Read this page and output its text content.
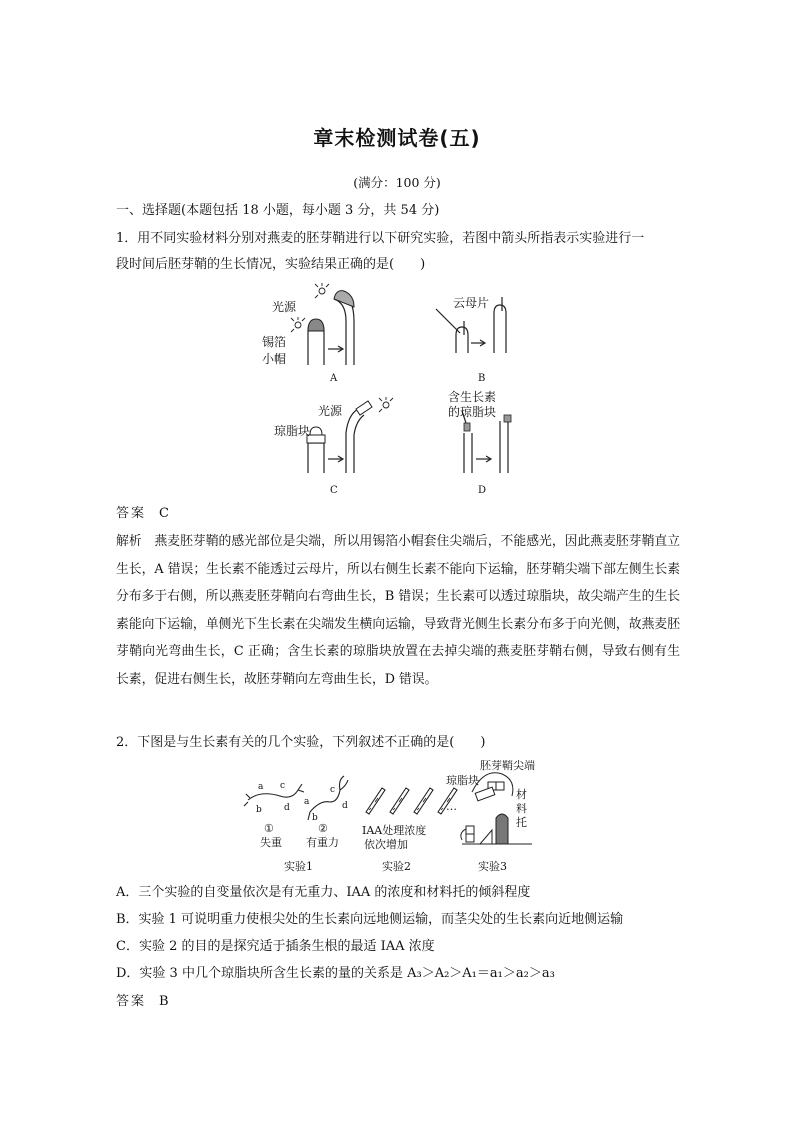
章末检测试卷(五)
(满分：100 分)
一、选择题(本题包括 18 小题，每小题 3 分，共 54 分)
1．用不同实验材料分别对燕麦的胚芽鞘进行以下研究实验，若图中箭头所指表示实验进行一
段时间后胚芽鞘的生长情况，实验结果正确的是(　　)
光源
锡箔
小帽
云母片
光源
琼脂块
含生长素
的琼脂块
A	B
C	D
答案　 C
解析　燕麦胚芽鞘的感光部位是尖端，所以用锡箔小帽套住尖端后，不能感光，因此燕麦胚芽鞘直立生长，A 错误；生长素不能透过云母片，所以右侧生长素不能向下运输，胚芽鞘尖端下部左侧生长素分布多于右侧，所以燕麦胚芽鞘向右弯曲生长，B 错误；生长素可以透过琼脂块，故尖端产生的生长素能向下运输，单侧光下生长素在尖端发生横向运输，导致背光侧生长素分布多于向光侧，故燕麦胚芽鞘向光弯曲生长，C 正确；含生长素的琼脂块放置在去掉尖端的燕麦胚芽鞘右侧，导致右侧有生长素，促进右侧生长，故胚芽鞘向左弯曲生长，D 错误。
2．下图是与生长素有关的几个实验，下列叙述不正确的是(　　)
a
b
c
d
a
b
c
d
①	②
失重 有重力
实验1
…
IAA处理浓度
依次增加
实验2
胚芽鞘尖端
琼脂块
材
料
托
实验3
A．三个实验的自变量依次是有无重力、IAA 的浓度和材料托的倾斜程度
B．实验 1 可说明重力使根尖处的生长素向远地侧运输，而茎尖处的生长素向近地侧运输
C．实验 2 的目的是探究适于插条生根的最适 IAA 浓度
D．实验 3 中几个琼脂块所含生长素的量的关系是 A₃＞A₂＞A₁＝a₁＞a₂＞a₃
答案　 B
